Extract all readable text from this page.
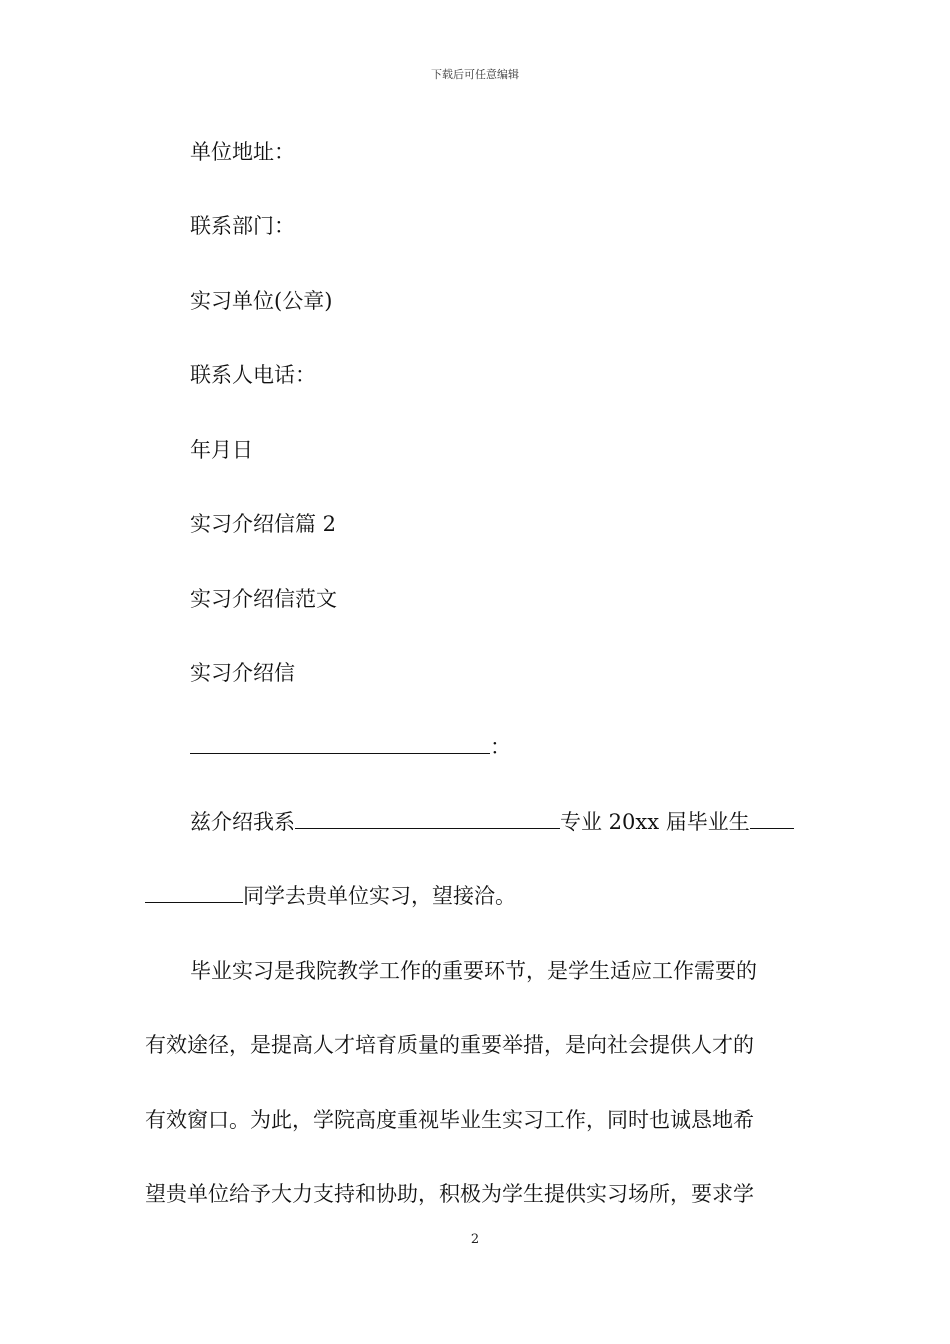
下载后可任意编辑
单位地址：
联系部门：
实习单位(公章)
联系人电话：
年月日
实习介绍信篇 2
实习介绍信范文
实习介绍信
：
兹介绍我系	专业 20xx 届毕业生
同学去贵单位实习，望接洽。
毕业实习是我院教学工作的重要环节，是学生适应工作需要的
有效途径，是提高人才培育质量的重要举措，是向社会提供人才的
有效窗口。为此，学院高度重视毕业生实习工作，同时也诚恳地希
望贵单位给予大力支持和协助，积极为学生提供实习场所，要求学
2
